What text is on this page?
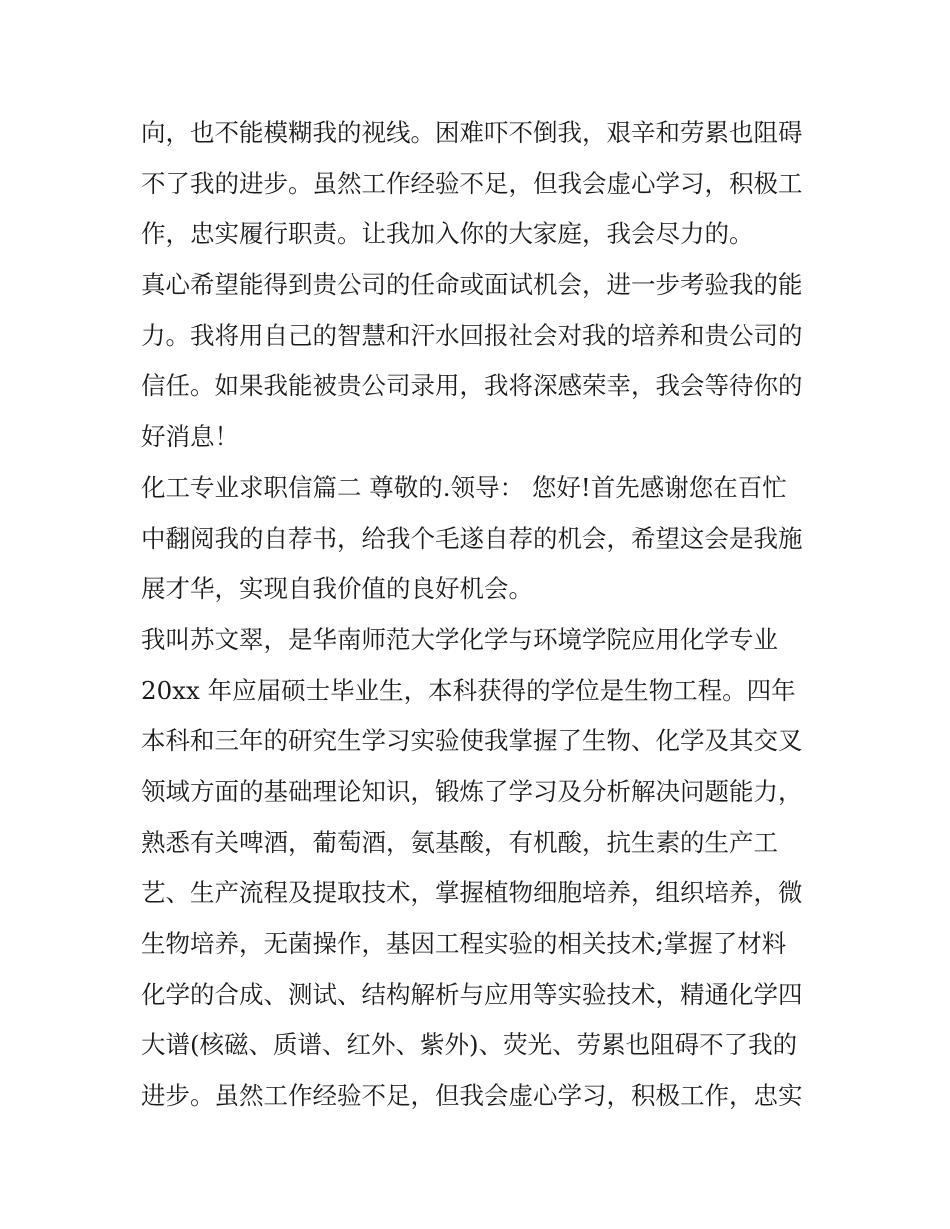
向，也不能模糊我的视线。困难吓不倒我，艰辛和劳累也阻碍
不了我的进步。虽然工作经验不足，但我会虚心学习，积极工
作，忠实履行职责。让我加入你的大家庭，我会尽力的。
真心希望能得到贵公司的任命或面试机会，进一步考验我的能
力。我将用自己的智慧和汗水回报社会对我的培养和贵公司的
信任。如果我能被贵公司录用，我将深感荣幸，我会等待你的
好消息！
化工专业求职信篇二 尊敬的.领导： 您好!首先感谢您在百忙
中翻阅我的自荐书，给我个毛遂自荐的机会，希望这会是我施
展才华，实现自我价值的良好机会。
我叫苏文翠，是华南师范大学化学与环境学院应用化学专业
20xx 年应届硕士毕业生，本科获得的学位是生物工程。四年
本科和三年的研究生学习实验使我掌握了生物、化学及其交叉
领域方面的基础理论知识，锻炼了学习及分析解决问题能力，
熟悉有关啤酒，葡萄酒，氨基酸，有机酸，抗生素的生产工
艺、生产流程及提取技术，掌握植物细胞培养，组织培养，微
生物培养，无菌操作，基因工程实验的相关技术;掌握了材料
化学的合成、测试、结构解析与应用等实验技术，精通化学四
大谱(核磁、质谱、红外、紫外)、荧光、劳累也阻碍不了我的
进步。虽然工作经验不足，但我会虚心学习，积极工作，忠实
